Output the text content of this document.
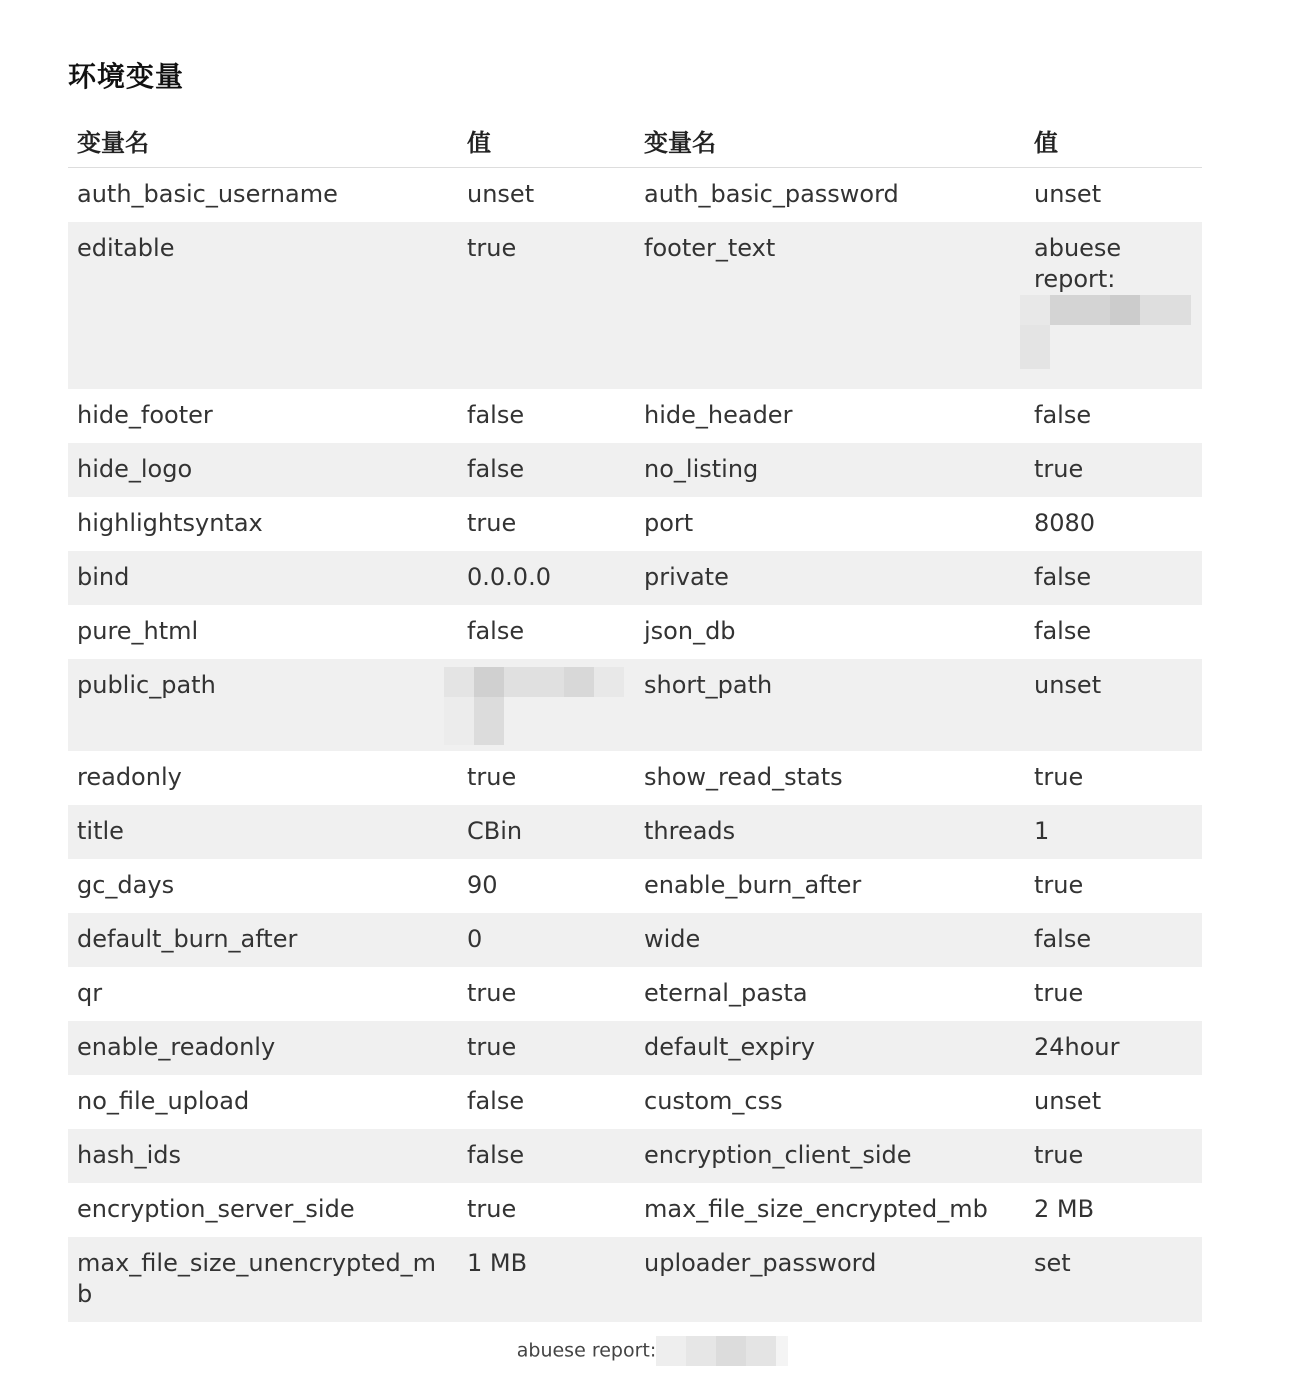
环境变量
变量名	值	变量名	值
auth_basic_username	unset	auth_basic_password	unset
editable	true	footer_text	abuese report:

hide_footer	false	hide_header	false
hide_logo	false	no_listing	true
highlightsyntax	true	port	8080
bind	0.0.0.0	private	false
pure_html	false	json_db	false
public_path		short_path	unset
readonly	true	show_read_stats	true
title	CBin	threads	1
gc_days	90	enable_burn_after	true
default_burn_after	0	wide	false
qr	true	eternal_pasta	true
enable_readonly	true	default_expiry	24hour
no_file_upload	false	custom_css	unset
hash_ids	false	encryption_client_side	true
encryption_server_side	true	max_file_size_encrypted_mb	2 MB
max_file_size_unencrypted_mb	1 MB	uploader_password	set
abuese report:
